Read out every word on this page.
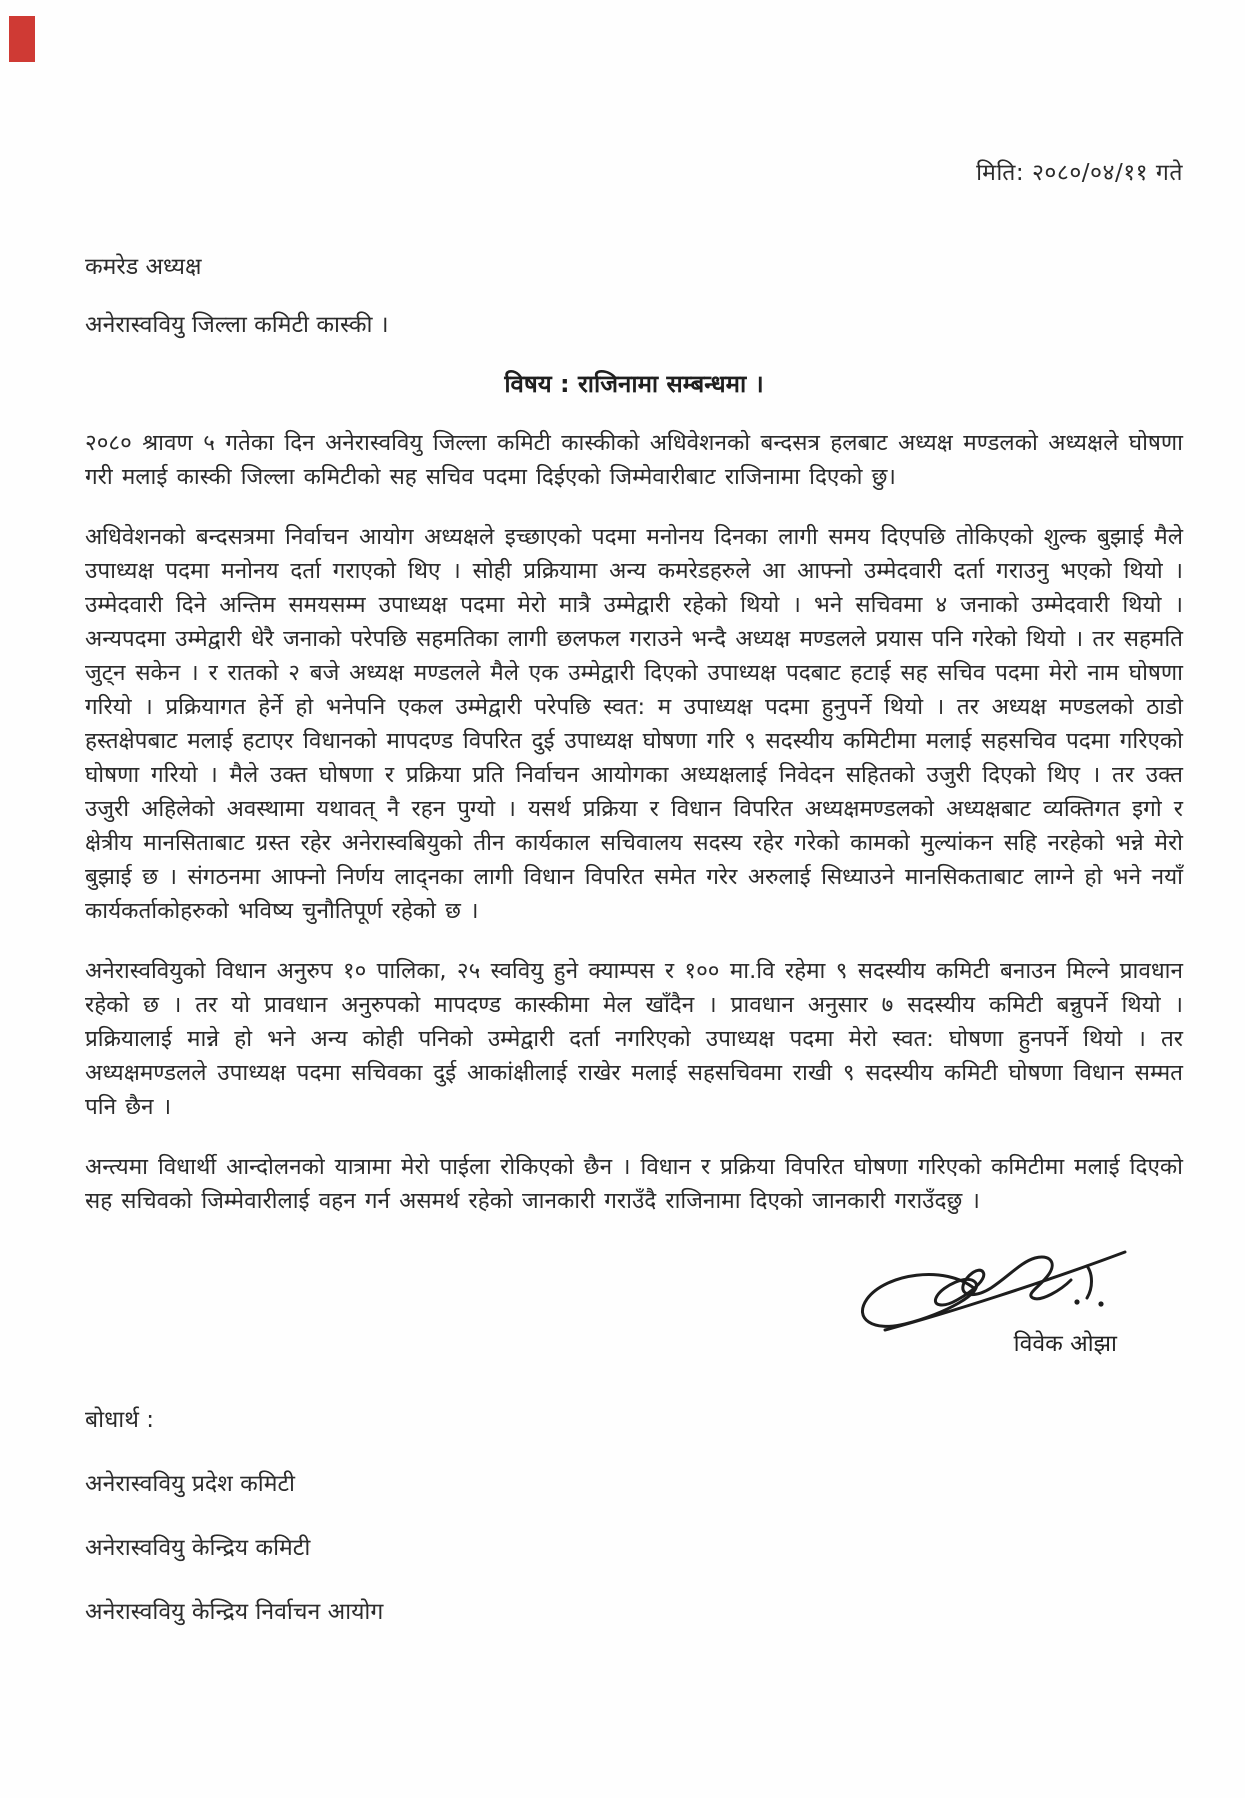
मिति: २०८०/०४/११ गते
कमरेड अध्यक्ष
अनेरास्ववियु जिल्ला कमिटी कास्की ।
विषय : राजिनामा सम्बन्धमा ।

२०८० श्रावण ५ गतेका दिन अनेरास्ववियु जिल्ला कमिटी कास्कीको अधिवेशनको बन्दसत्र हलबाट अध्यक्ष मण्डलको अध्यक्षले घोषणा गरी मलाई कास्की जिल्ला कमिटीको सह सचिव पदमा दिईएको जिम्मेवारीबाट राजिनामा दिएको छु।

अधिवेशनको बन्दसत्रमा निर्वाचन आयोग अध्यक्षले इच्छाएको पदमा मनोनय दिनका लागी समय दिएपछि तोकिएको शुल्क बुझाई मैले उपाध्यक्ष पदमा मनोनय दर्ता गराएको थिए । सोही प्रक्रियामा अन्य कमरेडहरुले आ आफ्नो उम्मेदवारी दर्ता गराउनु भएको थियो । उम्मेदवारी दिने अन्तिम समयसम्म उपाध्यक्ष पदमा मेरो मात्रै उम्मेद्वारी रहेको थियो । भने सचिवमा ४ जनाको उम्मेदवारी थियो । अन्यपदमा उम्मेद्वारी धेरै जनाको परेपछि सहमतिका लागी छलफल गराउने भन्दै अध्यक्ष मण्डलले प्रयास पनि गरेको थियो । तर सहमति जुट्न सकेन । र रातको २ बजे अध्यक्ष मण्डलले मैले एक उम्मेद्वारी दिएको उपाध्यक्ष पदबाट हटाई सह सचिव पदमा मेरो नाम घोषणा गरियो । प्रक्रियागत हेर्ने हो भनेपनि एकल उम्मेद्वारी परेपछि स्वत: म उपाध्यक्ष पदमा हुनुपर्ने थियो । तर अध्यक्ष मण्डलको ठाडो हस्तक्षेपबाट मलाई हटाएर विधानको मापदण्ड विपरित दुई उपाध्यक्ष घोषणा गरि ९ सदस्यीय कमिटीमा मलाई सहसचिव पदमा गरिएको घोषणा गरियो । मैले उक्त घोषणा र प्रक्रिया प्रति निर्वाचन आयोगका अध्यक्षलाई निवेदन सहितको उजुरी दिएको थिए । तर उक्त उजुरी अहिलेको अवस्थामा यथावत् नै रहन पुग्यो । यसर्थ प्रक्रिया र विधान विपरित अध्यक्षमण्डलको अध्यक्षबाट व्यक्तिगत इगो र क्षेत्रीय मानसिताबाट ग्रस्त रहेर अनेरास्वबियुको तीन कार्यकाल सचिवालय सदस्य रहेर गरेको कामको मुल्यांकन सहि नरहेको भन्ने मेरो बुझाई छ । संगठनमा आफ्नो निर्णय लाद्नका लागी विधान विपरित समेत गरेर अरुलाई सिध्याउने मानसिकताबाट लाग्ने हो भने नयाँ कार्यकर्ताकोहरुको भविष्य चुनौतिपूर्ण रहेको छ ।

अनेरास्ववियुको विधान अनुरुप १० पालिका, २५ स्ववियु हुने क्याम्पस र १०० मा.वि रहेमा ९ सदस्यीय कमिटी बनाउन मिल्ने प्रावधान रहेको छ । तर यो प्रावधान अनुरुपको मापदण्ड कास्कीमा मेल खाँदैन । प्रावधान अनुसार ७ सदस्यीय कमिटी बन्नुपर्ने थियो । प्रक्रियालाई मान्ने हो भने अन्य कोही पनिको उम्मेद्वारी दर्ता नगरिएको उपाध्यक्ष पदमा मेरो स्वत: घोषणा हुनपर्ने थियो । तर अध्यक्षमण्डलले उपाध्यक्ष पदमा सचिवका दुई आकांक्षीलाई राखेर मलाई सहसचिवमा राखी ९ सदस्यीय कमिटी घोषणा विधान सम्मत पनि छैन ।

अन्त्यमा विधार्थी आन्दोलनको यात्रामा मेरो पाईला रोकिएको छैन । विधान र प्रक्रिया विपरित घोषणा गरिएको कमिटीमा मलाई दिएको सह सचिवको जिम्मेवारीलाई वहन गर्न असमर्थ रहेको जानकारी गराउँदै राजिनामा दिएको जानकारी गराउँदछु ।

विवेक ओझा
बोधार्थ :
अनेरास्ववियु प्रदेश कमिटी
अनेरास्ववियु केन्द्रिय कमिटी
अनेरास्ववियु केन्द्रिय निर्वाचन आयोग
